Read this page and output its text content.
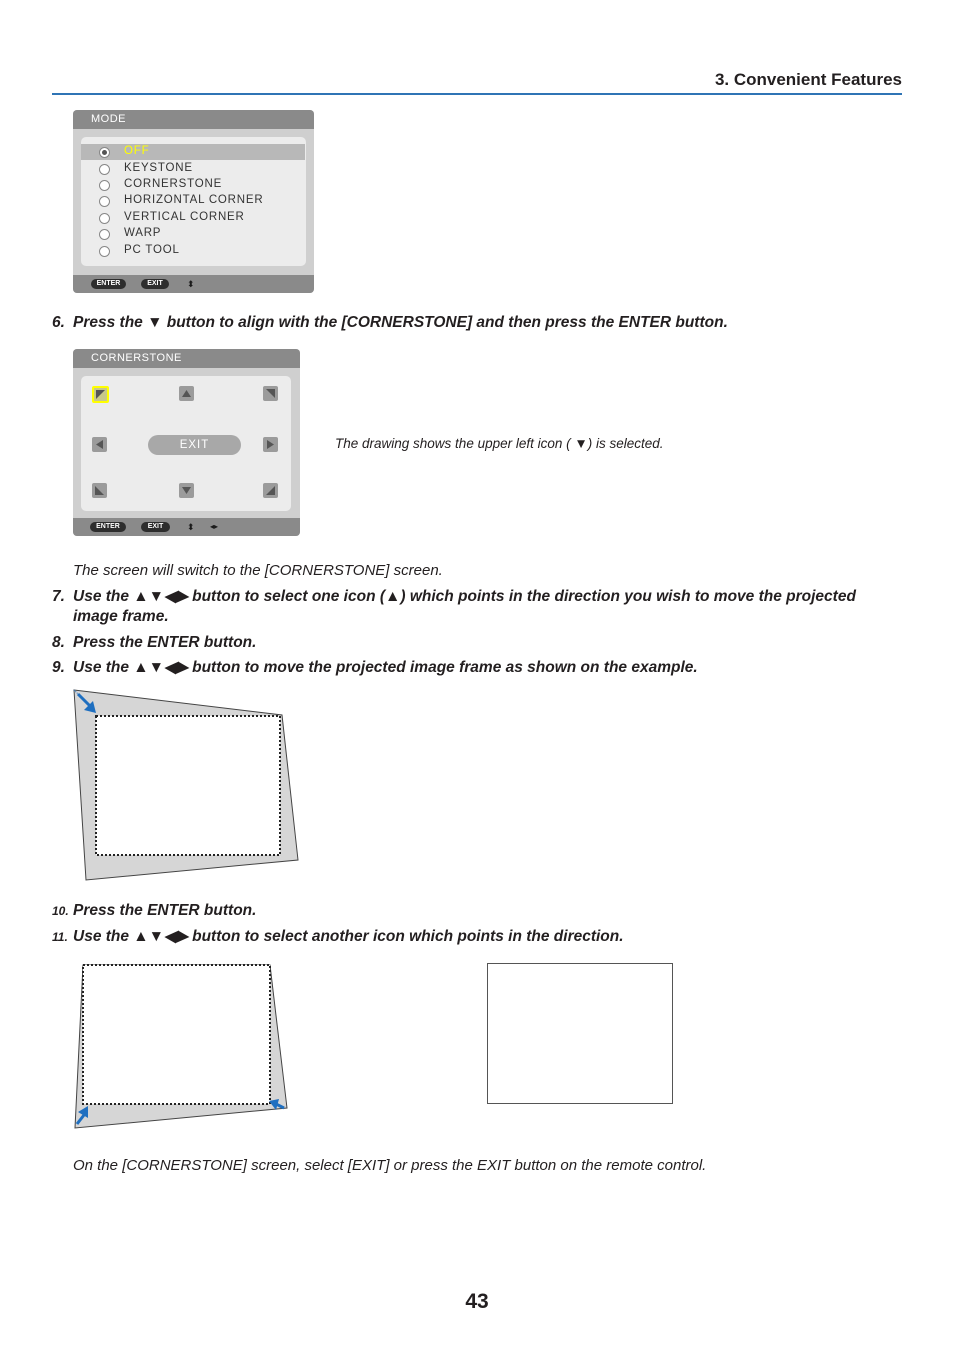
3. Convenient Features
MODE
OFF
KEYSTONE
CORNERSTONE
HORIZONTAL CORNER
VERTICAL CORNER
WARP
PC TOOL
ENTER	EXIT	⬍
6. Press the ▼ button to align with the [CORNERSTONE] and then press the ENTER button.
CORNERSTONE
EXIT
ENTER	EXIT	⬍ ◂▸
The drawing shows the upper left icon ( ▼) is selected.
The screen will switch to the [CORNERSTONE] screen.
7. Use the ▲▼◀▶ button to select one icon (▲) which points in the direction you wish to move the projected
image frame.
8. Press the ENTER button.
9. Use the ▲▼◀▶ button to move the projected image frame as shown on the example.
10. Press the ENTER button.
11. Use the ▲▼◀▶ button to select another icon which points in the direction.
On the [CORNERSTONE] screen, select [EXIT] or press the EXIT button on the remote control.
43
